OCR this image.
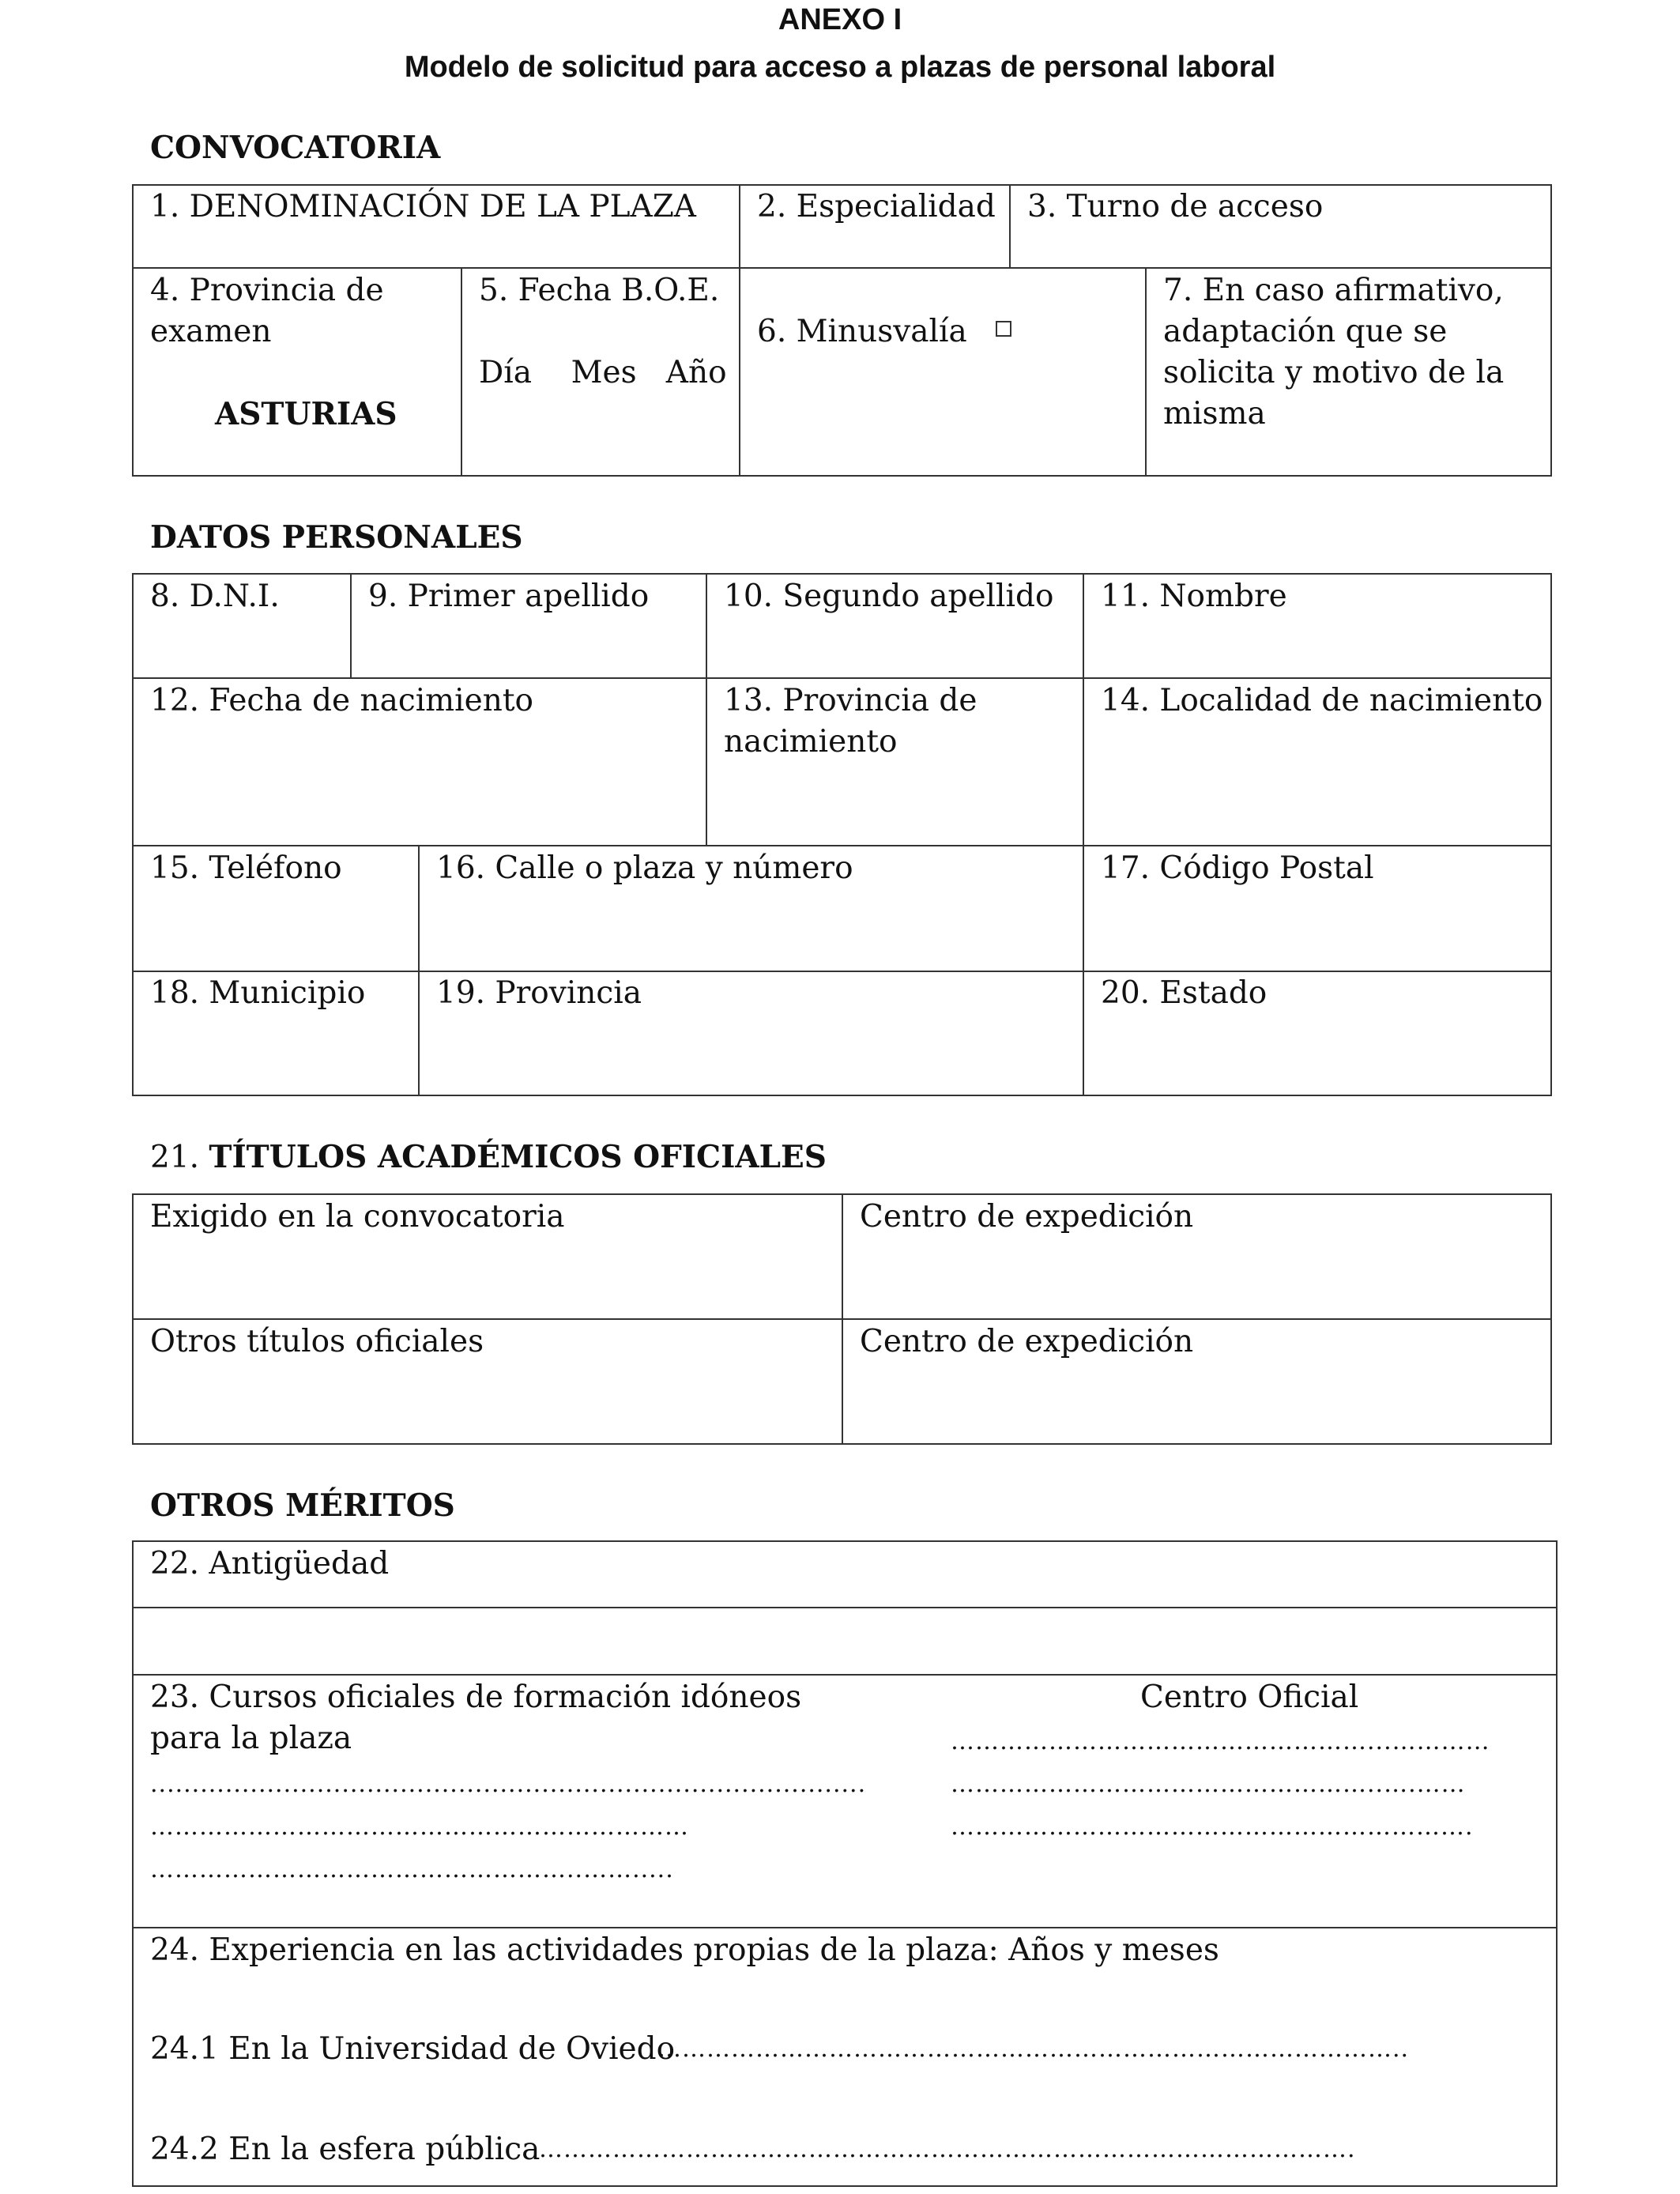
ANEXO I
Modelo de solicitud para acceso a plazas de personal laboral
CONVOCATORIA
1. DENOMINACIÓN DE LA PLAZA 2. Especialidad 3. Turno de acceso
4. Provincia de
examen
ASTURIAS
5. Fecha B.O.E.
Día    Mes   Año

6. Minusvalía

7. En caso afirmativo,
adaptación que se
solicita y motivo de la
misma
DATOS PERSONALES
8. D.N.I.	9. Primer apellido 10. Segundo apellido 11. Nombre
12. Fecha de nacimiento	13. Provincia de
nacimiento
14. Localidad de nacimiento
15. Teléfono	16. Calle o plaza y número	17. Código Postal
18. Municipio 19. Provincia	20. Estado
21. TÍTULOS ACADÉMICOS OFICIALES
Exigido en la convocatoria	Centro de expedición
Otros títulos oficiales	Centro de expedición
OTROS MÉRITOS
22. Antigüedad
23. Cursos oficiales de formación idóneos
para la plaza
Centro Oficial
......................................................................................
…………………………………………………………
……………………………………………..…….....
……………………………………………...…………
……………………………………………..….……
……………………………………………………….
24. Experiencia en las actividades propias de la plaza: Años y meses
24.1 En la Universidad de Oviedo
………………………………………………………………………………..
24.2 En la esfera pública
……………………………………………………………………………………….
